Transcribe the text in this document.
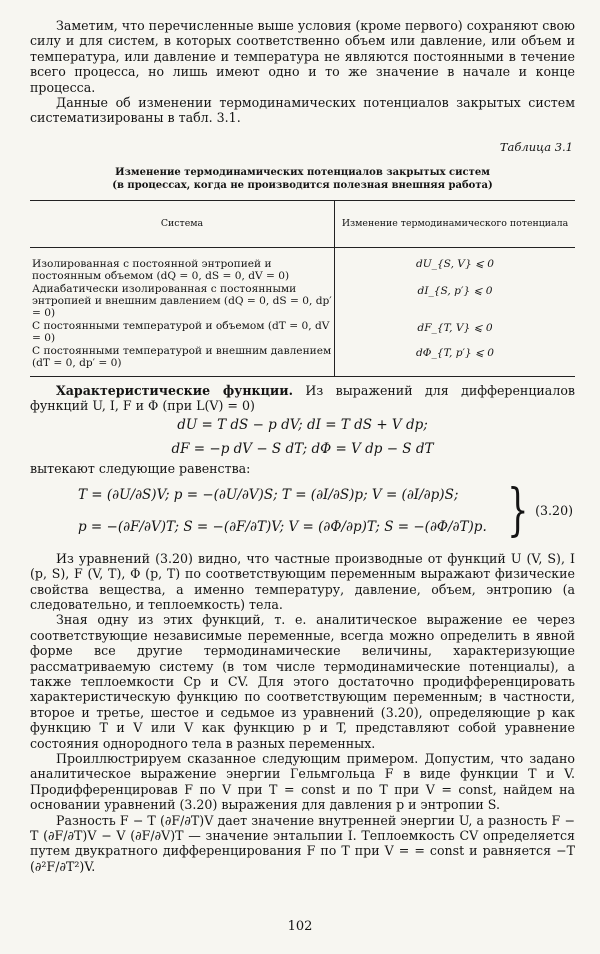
Заметим, что перечисленные выше условия (кроме первого) сохраняют свою силу и для систем, в которых соответственно объем или давление, или объем и температура, или давление и температура не являются постоянными в течение всего процесса, но лишь имеют одно и то же значение в начале и конце процесса.

Данные об изменении термодинамических потенциалов закрытых систем систематизированы в табл. 3.1.

Таблица 3.1
Изменение термодинамических потенциалов закрытых систем
(в процессах, когда не производится полезная внешняя работа)
Система	Изменение термодинамического потенциала
Изолированная с постоянной энтропией и постоянным объемом (dQ = 0, dS = 0, dV = 0)	dU_{S, V} ⩽ 0
Адиабатически изолированная с постоянными энтропией и внешним давлением (dQ = 0, dS = 0, dp′ = 0)	dI_{S, p′} ⩽ 0
С постоянными температурой и объемом (dT = 0, dV = 0)	dF_{T, V} ⩽ 0
С постоянными температурой и внешним давлением (dT = 0, dp′ = 0)	dΦ_{T, p′} ⩽ 0

Характеристические функции. Из выражений для дифференциалов функций U, I, F и Φ (при L(V) = 0)

dU = T dS − p dV; dI = T dS + V dp;
dF = −p dV − S dT; dΦ = V dp − S dT

вытекают следующие равенства:

T = (∂U/∂S)V; p = −(∂U/∂V)S; T = (∂I/∂S)p; V = (∂I/∂p)S;
p = −(∂F/∂V)T; S = −(∂F/∂T)V; V = (∂Φ/∂p)T; S = −(∂Φ/∂T)p. } (3.20)

Из уравнений (3.20) видно, что частные производные от функций U (V, S), I (p, S), F (V, T), Φ (p, T) по соответствующим переменным выражают физические свойства вещества, а именно температуру, давление, объем, энтропию (а следовательно, и теплоемкость) тела.

Зная одну из этих функций, т. е. аналитическое выражение ее через соответствующие независимые переменные, всегда можно определить в явной форме все другие термодинамические величины, характеризующие рассматриваемую систему (в том числе термодинамические потенциалы), а также теплоемкости Cp и CV. Для этого достаточно продифференцировать характеристическую функцию по соответствующим переменным; в частности, второе и третье, шестое и седьмое из уравнений (3.20), определяющие p как функцию T и V или V как функцию p и T, представляют собой уравнение состояния однородного тела в разных переменных.

Проиллюстрируем сказанное следующим примером. Допустим, что задано аналитическое выражение энергии Гельмгольца F в виде функции T и V. Продифференцировав F по V при T = const и по T при V = const, найдем на основании уравнений (3.20) выражения для давления p и энтропии S.

Разность F − T (∂F/∂T)V дает значение внутренней энергии U, а разность F − T (∂F/∂T)V − V (∂F/∂V)T — значение энтальпии I. Теплоемкость CV определяется путем двукратного дифференцирования F по T при V = = const и равняется −T (∂²F/∂T²)V.

102
